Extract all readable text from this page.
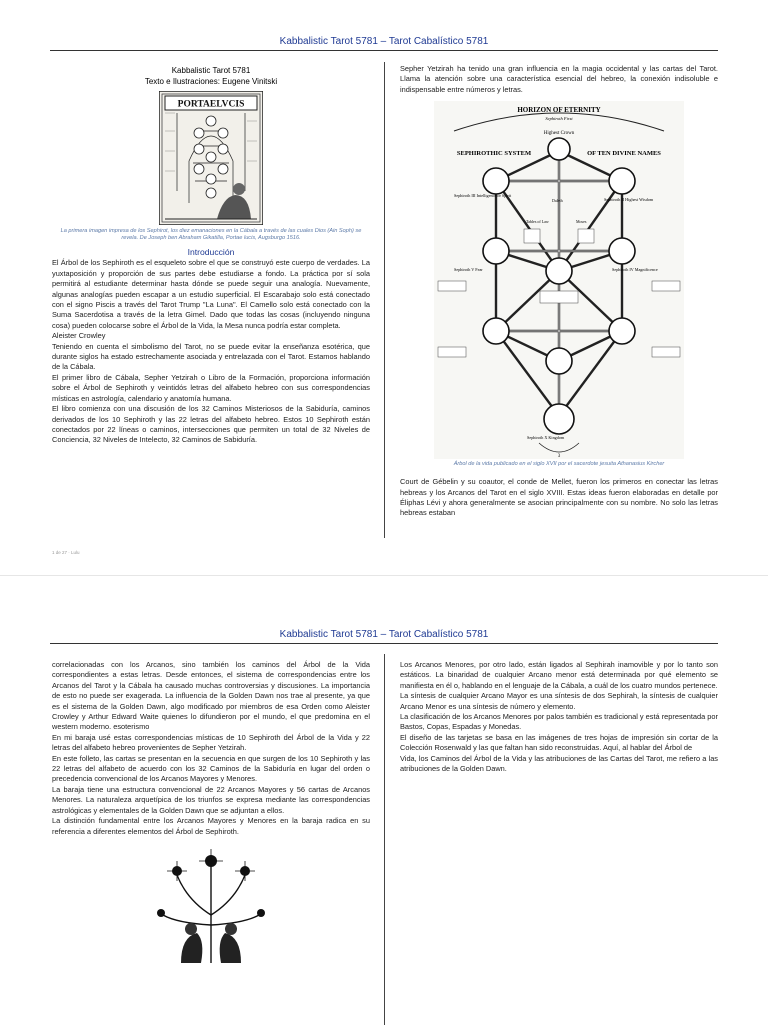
Kabbalistic Tarot 5781 – Tarot Cabalístico 5781
Kabbalistic Tarot 5781
Texto e Ilustraciones: Eugene Vinitski
PORTAELVCIS
La primera imagen impresa de los Sephirot, los diez emanaciones en la Cábala a través de las cuales Dios (Ain Soph) se revela. De Joseph ben Abraham Gikatilla, Portae lucis, Augsburgo 1516.
Introducción

El Árbol de los Sephiroth es el esqueleto sobre el que se construyó este cuerpo de verdades. La yuxtaposición y proporción de sus partes debe estudiarse a fondo. La práctica por sí sola permitirá al estudiante determinar hasta dónde se puede seguir una analogía. Nuevamente, algunas analogías pueden escapar a un estudio superficial. El Escarabajo solo está conectado con el signo Piscis a través del Tarot Trump "La Luna". El Camello solo está conectado con la Suma Sacerdotisa a través de la letra Gimel. Dado que todas las cosas (incluyendo ninguna cosa) pueden colocarse sobre el Árbol de la Vida, la Mesa nunca podría estar completa.

Aleister Crowley

Teniendo en cuenta el simbolismo del Tarot, no se puede evitar la enseñanza esotérica, que durante siglos ha estado estrechamente asociada y entrelazada con el Tarot. Estamos hablando de la Cábala.

El primer libro de Cábala, Sepher Yetzirah o Libro de la Formación, proporciona información sobre el Árbol de Sephiroth y veintidós letras del alfabeto hebreo con sus correspondencias místicas en astrología, calendario y anatomía humana.

El libro comienza con una discusión de los 32 Caminos Misteriosos de la Sabiduría, caminos derivados de los 10 Sephiroth y las 22 letras del alfabeto hebreo. Estos 10 Sephiroth están conectados por 22 líneas o caminos, intersecciones que permiten un total de 32 Niveles de Conciencia, 32 Niveles de Intelecto, 32 Caminos de Sabiduría.

Sepher Yetzirah ha tenido una gran influencia en la magia occidental y las cartas del Tarot. Llama la atención sobre una característica esencial del hebreo, la conexión indisoluble e indispensable entre números y letras.

HORIZON OF ETERNITY
Sephiroth First
Highest Crown
SEPHIROTHIC SYSTEM	OF TEN DIVINE NAMES
Sephiroth III Intelligence or Spirit
Sephiroth II Highest Wisdom
Sephiroth V Fear	Sephiroth IV Magnificence
Sephiroth X Kingdom
Tables of Law	Moses
Daleth
3
Árbol de la vida publicado en el siglo XVII por el sacerdote jesuita Athanasius Kircher

Court de Gébelin y su coautor, el conde de Mellet, fueron los primeros en conectar las letras hebreas y los Arcanos del Tarot en el siglo XVIII. Estas ideas fueron elaboradas en detalle por Éliphas Lévi y ahora generalmente se asocian principalmente con su nombre. No solo las letras hebreas estaban

1 de 27 · Lulu
Kabbalistic Tarot 5781 – Tarot Cabalístico 5781

correlacionadas con los Arcanos, sino también los caminos del Árbol de la Vida correspondientes a estas letras. Desde entonces, el sistema de correspondencias entre los Arcanos del Tarot y la Cábala ha causado muchas controversias y discusiones. La importancia de esto no puede ser exagerada. La influencia de la Golden Dawn nos trae al presente, ya que es el sistema de la Golden Dawn, algo modificado por miembros de esa Orden como Aleister Crowley y Arthur Edward Waite quienes lo difundieron por el mundo, el que predomina en el western moderno. esoterismo

En mi baraja usé estas correspondencias místicas de 10 Sephiroth del Árbol de la Vida y 22 letras del alfabeto hebreo provenientes de Sepher Yetzirah.

En este folleto, las cartas se presentan en la secuencia en que surgen de los 10 Sephiroth y las 22 letras del alfabeto de acuerdo con los 32 Caminos de la Sabiduría en lugar del orden o precedencia convencional de los Arcanos Mayores y Menores.

La baraja tiene una estructura convencional de 22 Arcanos Mayores y 56 cartas de Arcanos Menores. La naturaleza arquetípica de los triunfos se expresa mediante las correspondencias astrológicas y elementales de la Golden Dawn que se adjuntan a ellos.

La distinción fundamental entre los Arcanos Mayores y Menores en la baraja radica en su referencia a diferentes elementos del Árbol de Sephiroth.

Los Arcanos Menores, por otro lado, están ligados al Sephirah inamovible y por lo tanto son estáticos. La binaridad de cualquier Arcano menor está determinada por qué elemento se manifiesta en él o, hablando en el lenguaje de la Cábala, a cuál de los cuatro mundos pertenece.

La síntesis de cualquier Arcano Mayor es una síntesis de dos Sephirah, la síntesis de cualquier Arcano Menor es una síntesis de número y elemento.

La clasificación de los Arcanos Menores por palos también es tradicional y está representada por Bastos, Copas, Espadas y Monedas.

El diseño de las tarjetas se basa en las imágenes de tres hojas de impresión sin cortar de la Colección Rosenwald y las que faltan han sido reconstruidas. Aquí, al hablar del Árbol de

Vida, los Caminos del Árbol de la Vida y las atribuciones de las Cartas del Tarot, me refiero a las atribuciones de la Golden Dawn.
